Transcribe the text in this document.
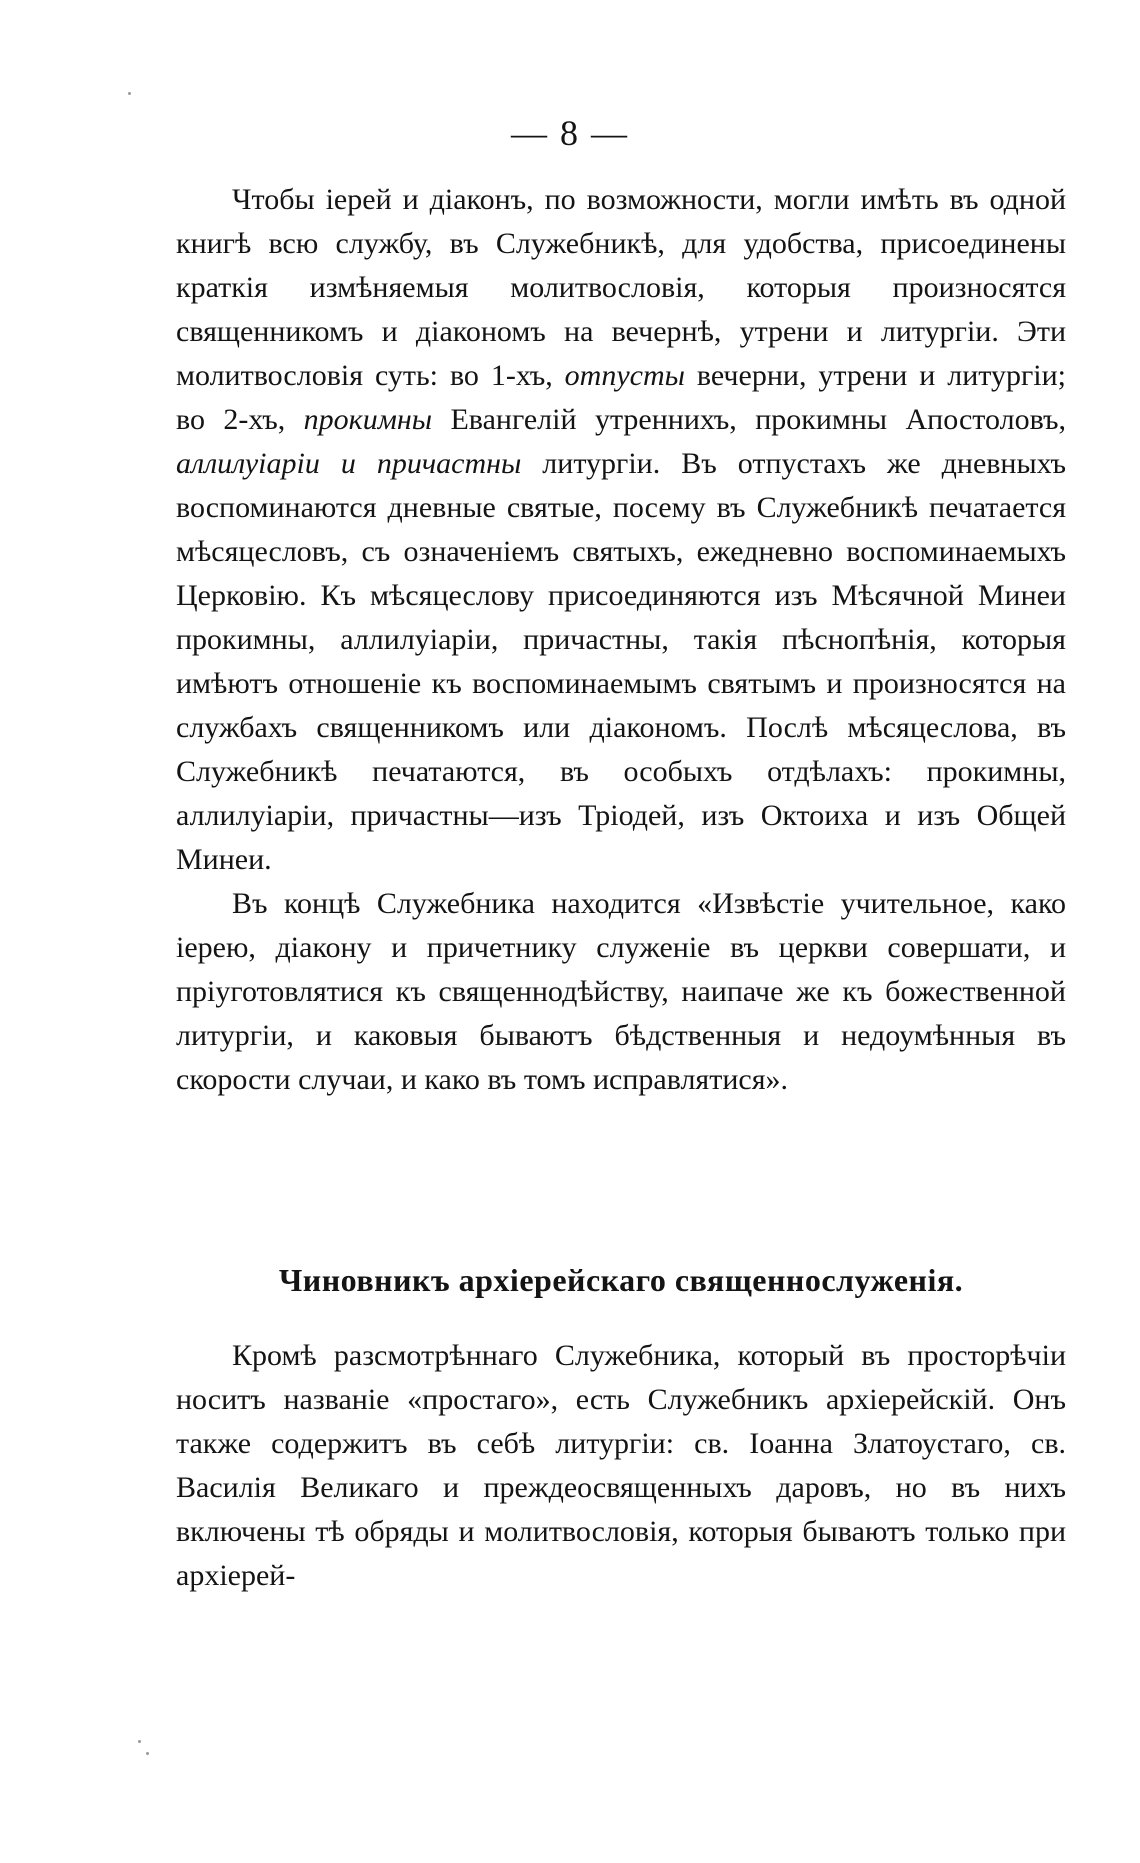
— 8 —

Чтобы іерей и діаконъ, по возможности, могли имѣть въ одной книгѣ всю службу, въ Служебникѣ, для удобства, присоединены краткія измѣняемыя молитвословія, которыя произносятся священникомъ и діакономъ на вечернѣ, утрени и литургіи. Эти молитвословія суть: во 1-хъ, отпусты вечерни, утрени и литургіи; во 2-хъ, прокимны Евангелій утреннихъ, прокимны Апостоловъ, аллилуіаріи и причастны литургіи. Въ отпустахъ же дневныхъ воспоминаются дневные святые, посему въ Служебникѣ печатается мѣсяцесловъ, съ означеніемъ святыхъ, ежедневно воспоминаемыхъ Церковію. Къ мѣсяцеслову присоединяются изъ Мѣсячной Минеи прокимны, аллилуіаріи, причастны, такія пѣснопѣнія, которыя имѣютъ отношеніе къ воспоминаемымъ святымъ и произносятся на службахъ священникомъ или діакономъ. Послѣ мѣсяцеслова, въ Служебникѣ печатаются, въ особыхъ отдѣлахъ: прокимны, аллилуіаріи, причастны—изъ Тріодей, изъ Октоиха и изъ Общей Минеи.

Въ концѣ Служебника находится «Извѣстіе учительное, како іерею, діакону и причетнику служеніе въ церкви совершати, и пріуготовлятися къ священнодѣйству, наипаче же къ божественной литургіи, и каковыя бываютъ бѣдственныя и недоумѣнныя въ скорости случаи, и како въ томъ исправлятися».

Чиновникъ архіерейскаго священнослуженія.

Кромѣ разсмотрѣннаго Служебника, который въ просторѣчіи носитъ названіе «простаго», есть Служебникъ архіерейскій. Онъ также содержитъ въ себѣ литургіи: св. Іоанна Златоустаго, св. Василія Великаго и преждеосвященныхъ даровъ, но въ нихъ включены тѣ обряды и молитвословія, которыя бываютъ только при архіерей-
